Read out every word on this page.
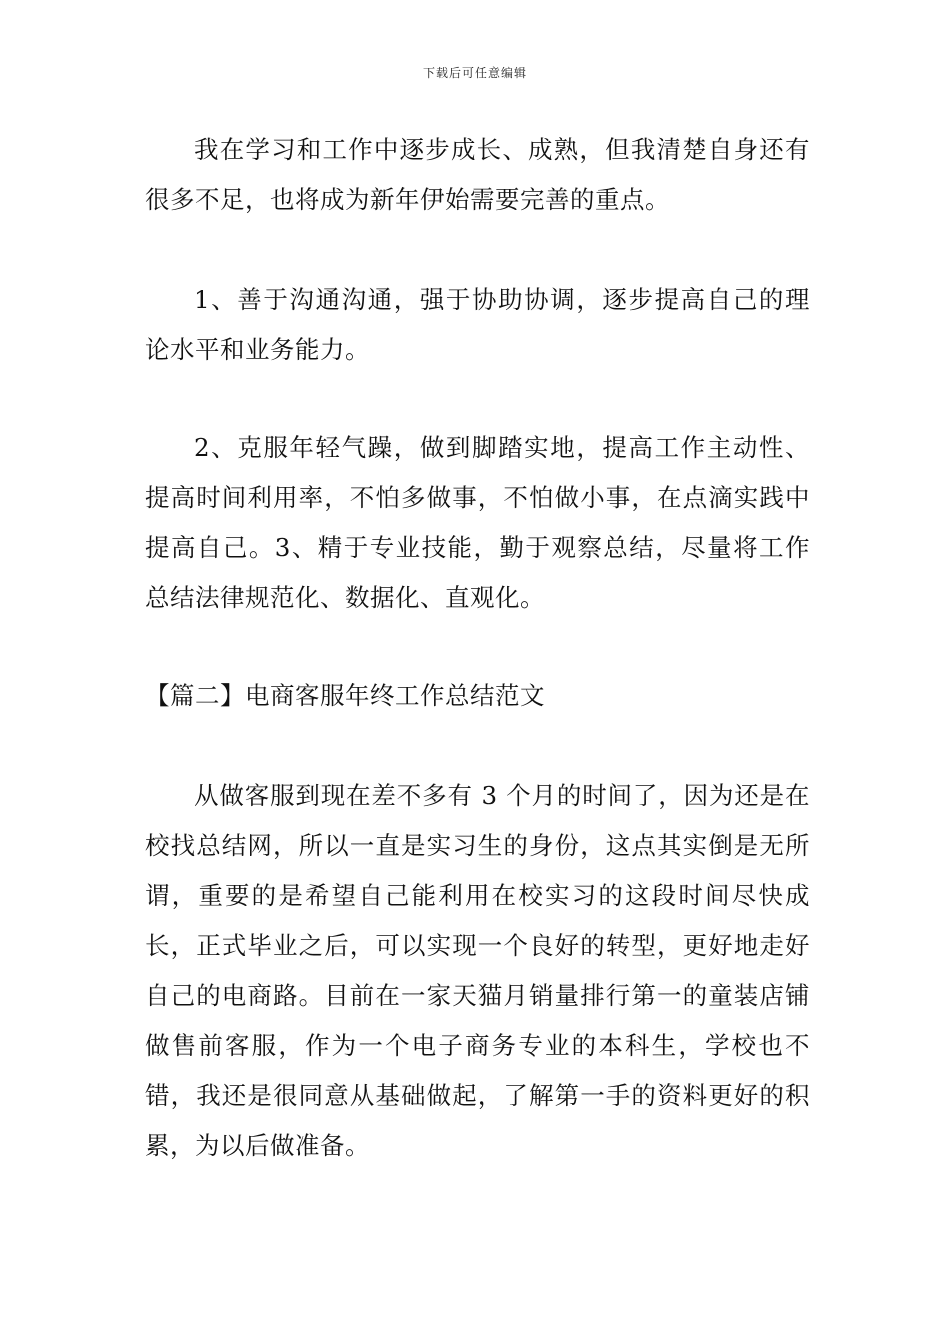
下载后可任意编辑

我在学习和工作中逐步成长、成熟，但我清楚自身还有很多不足，也将成为新年伊始需要完善的重点。

1、善于沟通沟通，强于协助协调，逐步提高自己的理论水平和业务能力。

2、克服年轻气躁，做到脚踏实地，提高工作主动性、提高时间利用率，不怕多做事，不怕做小事，在点滴实践中提高自己。3、精于专业技能，勤于观察总结，尽量将工作总结法律规范化、数据化、直观化。

【篇二】电商客服年终工作总结范文

从做客服到现在差不多有 3 个月的时间了，因为还是在校找总结网，所以一直是实习生的身份，这点其实倒是无所谓，重要的是希望自己能利用在校实习的这段时间尽快成长，正式毕业之后，可以实现一个良好的转型，更好地走好自己的电商路。目前在一家天猫月销量排行第一的童装店铺做售前客服，作为一个电子商务专业的本科生，学校也不错，我还是很同意从基础做起，了解第一手的资料更好的积累，为以后做准备。
